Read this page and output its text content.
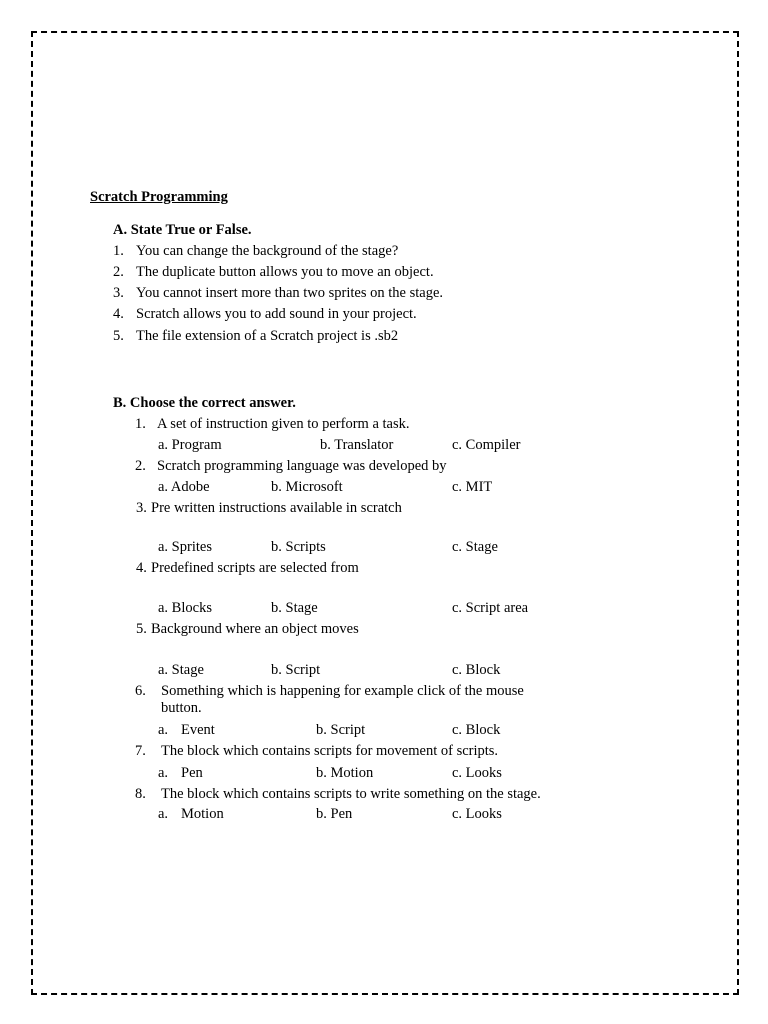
Scratch Programming
A. State True or False.
1. You can change the background of the stage?
2. The duplicate button allows you to move an object.
3. You cannot insert more than two sprites on the stage.
4. Scratch allows you to add sound in your project.
5. The file extension of a Scratch project is .sb2
B. Choose the correct answer.
1. A set of instruction given to perform a task.
a. Program	b. Translator	c. Compiler
2. Scratch programming language was developed by
a. Adobe	b. Microsoft	c. MIT
3. Pre written instructions available in scratch
a. Sprites	b. Scripts	c. Stage
4. Predefined scripts are selected from
a. Blocks	b. Stage	c. Script area
5. Background where an object moves
a. Stage	b. Script	c. Block
6. Something which is happening for example click of the mouse
button.
a. Event	b. Script	c. Block
7. The block which contains scripts for movement of scripts.
a. Pen	b. Motion	c. Looks
8. The block which contains scripts to write something on the stage.
a. Motion	b. Pen	c. Looks
